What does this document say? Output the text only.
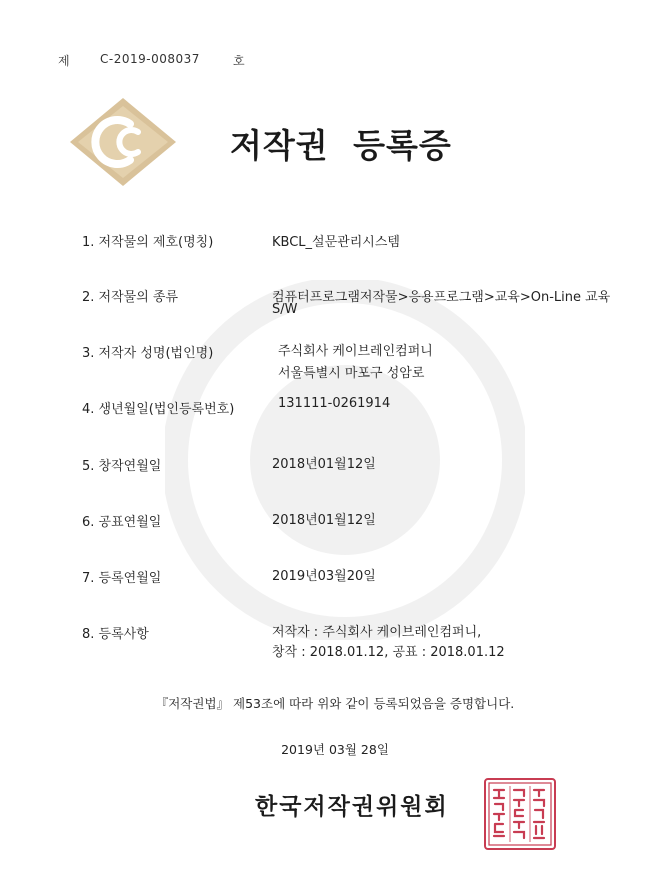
제	C-2019-008037	호
저작권 등록증
1. 저작물의 제호(명칭)	KBCL_설문관리시스템
2. 저작물의 종류	컴퓨터프로그램저작물>응용프로그램>교육>On-Line 교육
S/W
3. 저작자 성명(법인명)	주식회사 케이브레인컴퍼니
서울특별시 마포구 성암로
4. 생년월일(법인등록번호)	131111-0261914
5. 창작연월일	2018년01월12일
6. 공표연월일	2018년01월12일
7. 등록연월일	2019년03월20일
8. 등록사항	저작자 : 주식회사 케이브레인컴퍼니,
창작 : 2018.01.12, 공표 : 2018.01.12
『저작권법』 제53조에 따라 위와 같이 등록되었음을 증명합니다.
2019년 03월 28일
한국저작권위원회
